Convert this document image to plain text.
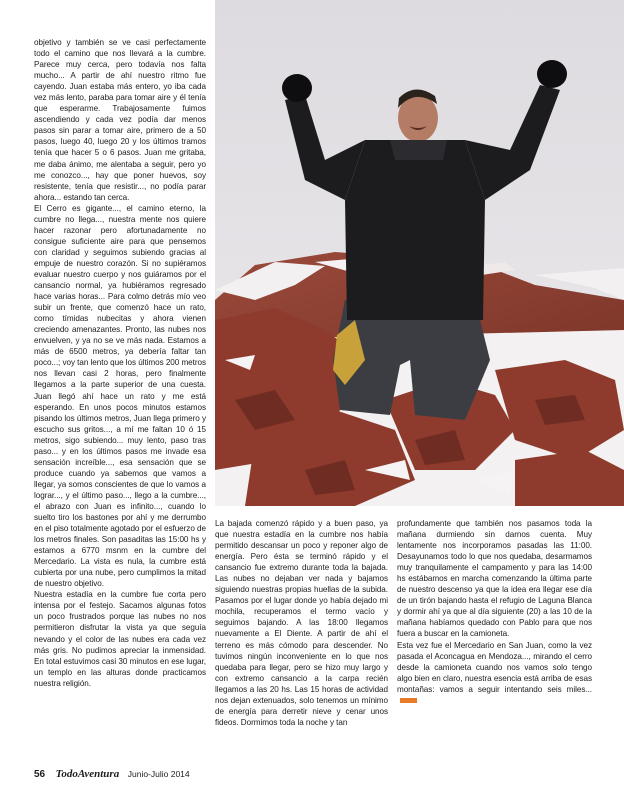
objetivo y también se ve casi perfectamente todo el camino que nos llevará a la cumbre. Parece muy cerca, pero todavía nos falta mucho... A partir de ahí nuestro ritmo fue cayendo. Juan estaba más entero, yo iba cada vez más lento, paraba para tomar aire y él tenía que esperarme. Trabajosamente fuimos ascendiendo y cada vez podía dar menos pasos sin parar a tomar aire, primero de a 50 pasos, luego 40, luego 20 y los últimos tramos tenía que hacer 5 o 6 pasos. Juan me gritaba, me daba ánimo, me alentaba a seguir, pero yo me conozco..., hay que poner huevos, soy resistente, tenía que resistir..., no podía parar ahora... estando tan cerca.

El Cerro es gigante..., el camino eterno, la cumbre no llega..., nuestra mente nos quiere hacer razonar pero afortunadamente no consigue suficiente aire para que pensemos con claridad y seguimos subiendo gracias al empuje de nuestro corazón. Si no supiéramos evaluar nuestro cuerpo y nos guiáramos por el cansancio normal, ya hubiéramos regresado hace varias horas... Para colmo detrás mío veo subir un frente, que comenzó hace un rato, como tímidas nubecitas y ahora vienen creciendo amenazantes. Pronto, las nubes nos envuelven, y ya no se ve más nada. Estamos a más de 6500 metros, ya debería faltar tan poco...; voy tan lento que los últimos 200 metros nos llevan casi 2 horas, pero finalmente llegamos a la parte superior de una cuesta. Juan llegó ahí hace un rato y me está esperando. En unos pocos minutos estamos pisando los últimos metros, Juan llega primero y escucho sus gritos..., a mí me faltan 10 ó 15 metros, sigo subiendo... muy lento, paso tras paso... y en los últimos pasos me invade esa sensación increíble..., esa sensación que se produce cuando ya sabemos que vamos a llegar, ya somos conscientes de que lo vamos a lograr..., y el último paso..., llego a la cumbre..., el abrazo con Juan es infinito..., cuando lo suelto tiro los bastones por ahí y me derrumbo en el piso totalmente agotado por el esfuerzo de los metros finales. Son pasaditas las 15:00 hs y estamos a 6770 msnm en la cumbre del Mercedario. La vista es nula, la cumbre está cubierta por una nube, pero cumplimos la mitad de nuestro objetivo.

Nuestra estadía en la cumbre fue corta pero intensa por el festejo. Sacamos algunas fotos un poco frustrados porque las nubes no nos permitieron disfrutar la vista ya que seguía nevando y el color de las nubes era cada vez más gris. No pudimos apreciar la inmensidad. En total estuvimos casi 30 minutos en ese lugar, un templo en las alturas donde practicamos nuestra religión.

La bajada comenzó rápido y a buen paso, ya que nuestra estadía en la cumbre nos había permitido descansar un poco y reponer algo de energía. Pero ésta se terminó rápido y el cansancio fue extremo durante toda la bajada. Las nubes no dejaban ver nada y bajamos siguiendo nuestras propias huellas de la subida. Pasamos por el lugar donde yo había dejado mi mochila, recuperamos el termo vacío y seguimos bajando. A las 18:00 llegamos nuevamente a El Diente. A partir de ahí el terreno es más cómodo para descender. No tuvimos ningún inconveniente en lo que nos quedaba para llegar, pero se hizo muy largo y con extremo cansancio a la carpa recién llegamos a las 20 hs. Las 15 horas de actividad nos dejan extenuados, solo tenemos un mínimo de energía para derretir nieve y cenar unos fideos. Dormimos toda la noche y tan

profundamente que también nos pasamos toda la mañana durmiendo sin darnos cuenta. Muy lentamente nos incorporamos pasadas las 11:00. Desayunamos todo lo que nos quedaba, desarmamos muy tranquilamente el campamento y para las 14:00 hs estábamos en marcha comenzando la última parte de nuestro descenso ya que la idea era llegar ese día de un tirón bajando hasta el refugio de Laguna Blanca y dormir ahí ya que al día siguiente (20) a las 10 de la mañana habíamos quedado con Pablo para que nos fuera a buscar en la camioneta.

Esta vez fue el Mercedario en San Juan, como la vez pasada el Aconcagua en Mendoza..., mirando el cerro desde la camioneta cuando nos vamos solo tengo algo bien en claro, nuestra esencia está arriba de esas montañas: vamos a seguir intentando seis miles...

56 TodoAventura Junio-Julio 2014
